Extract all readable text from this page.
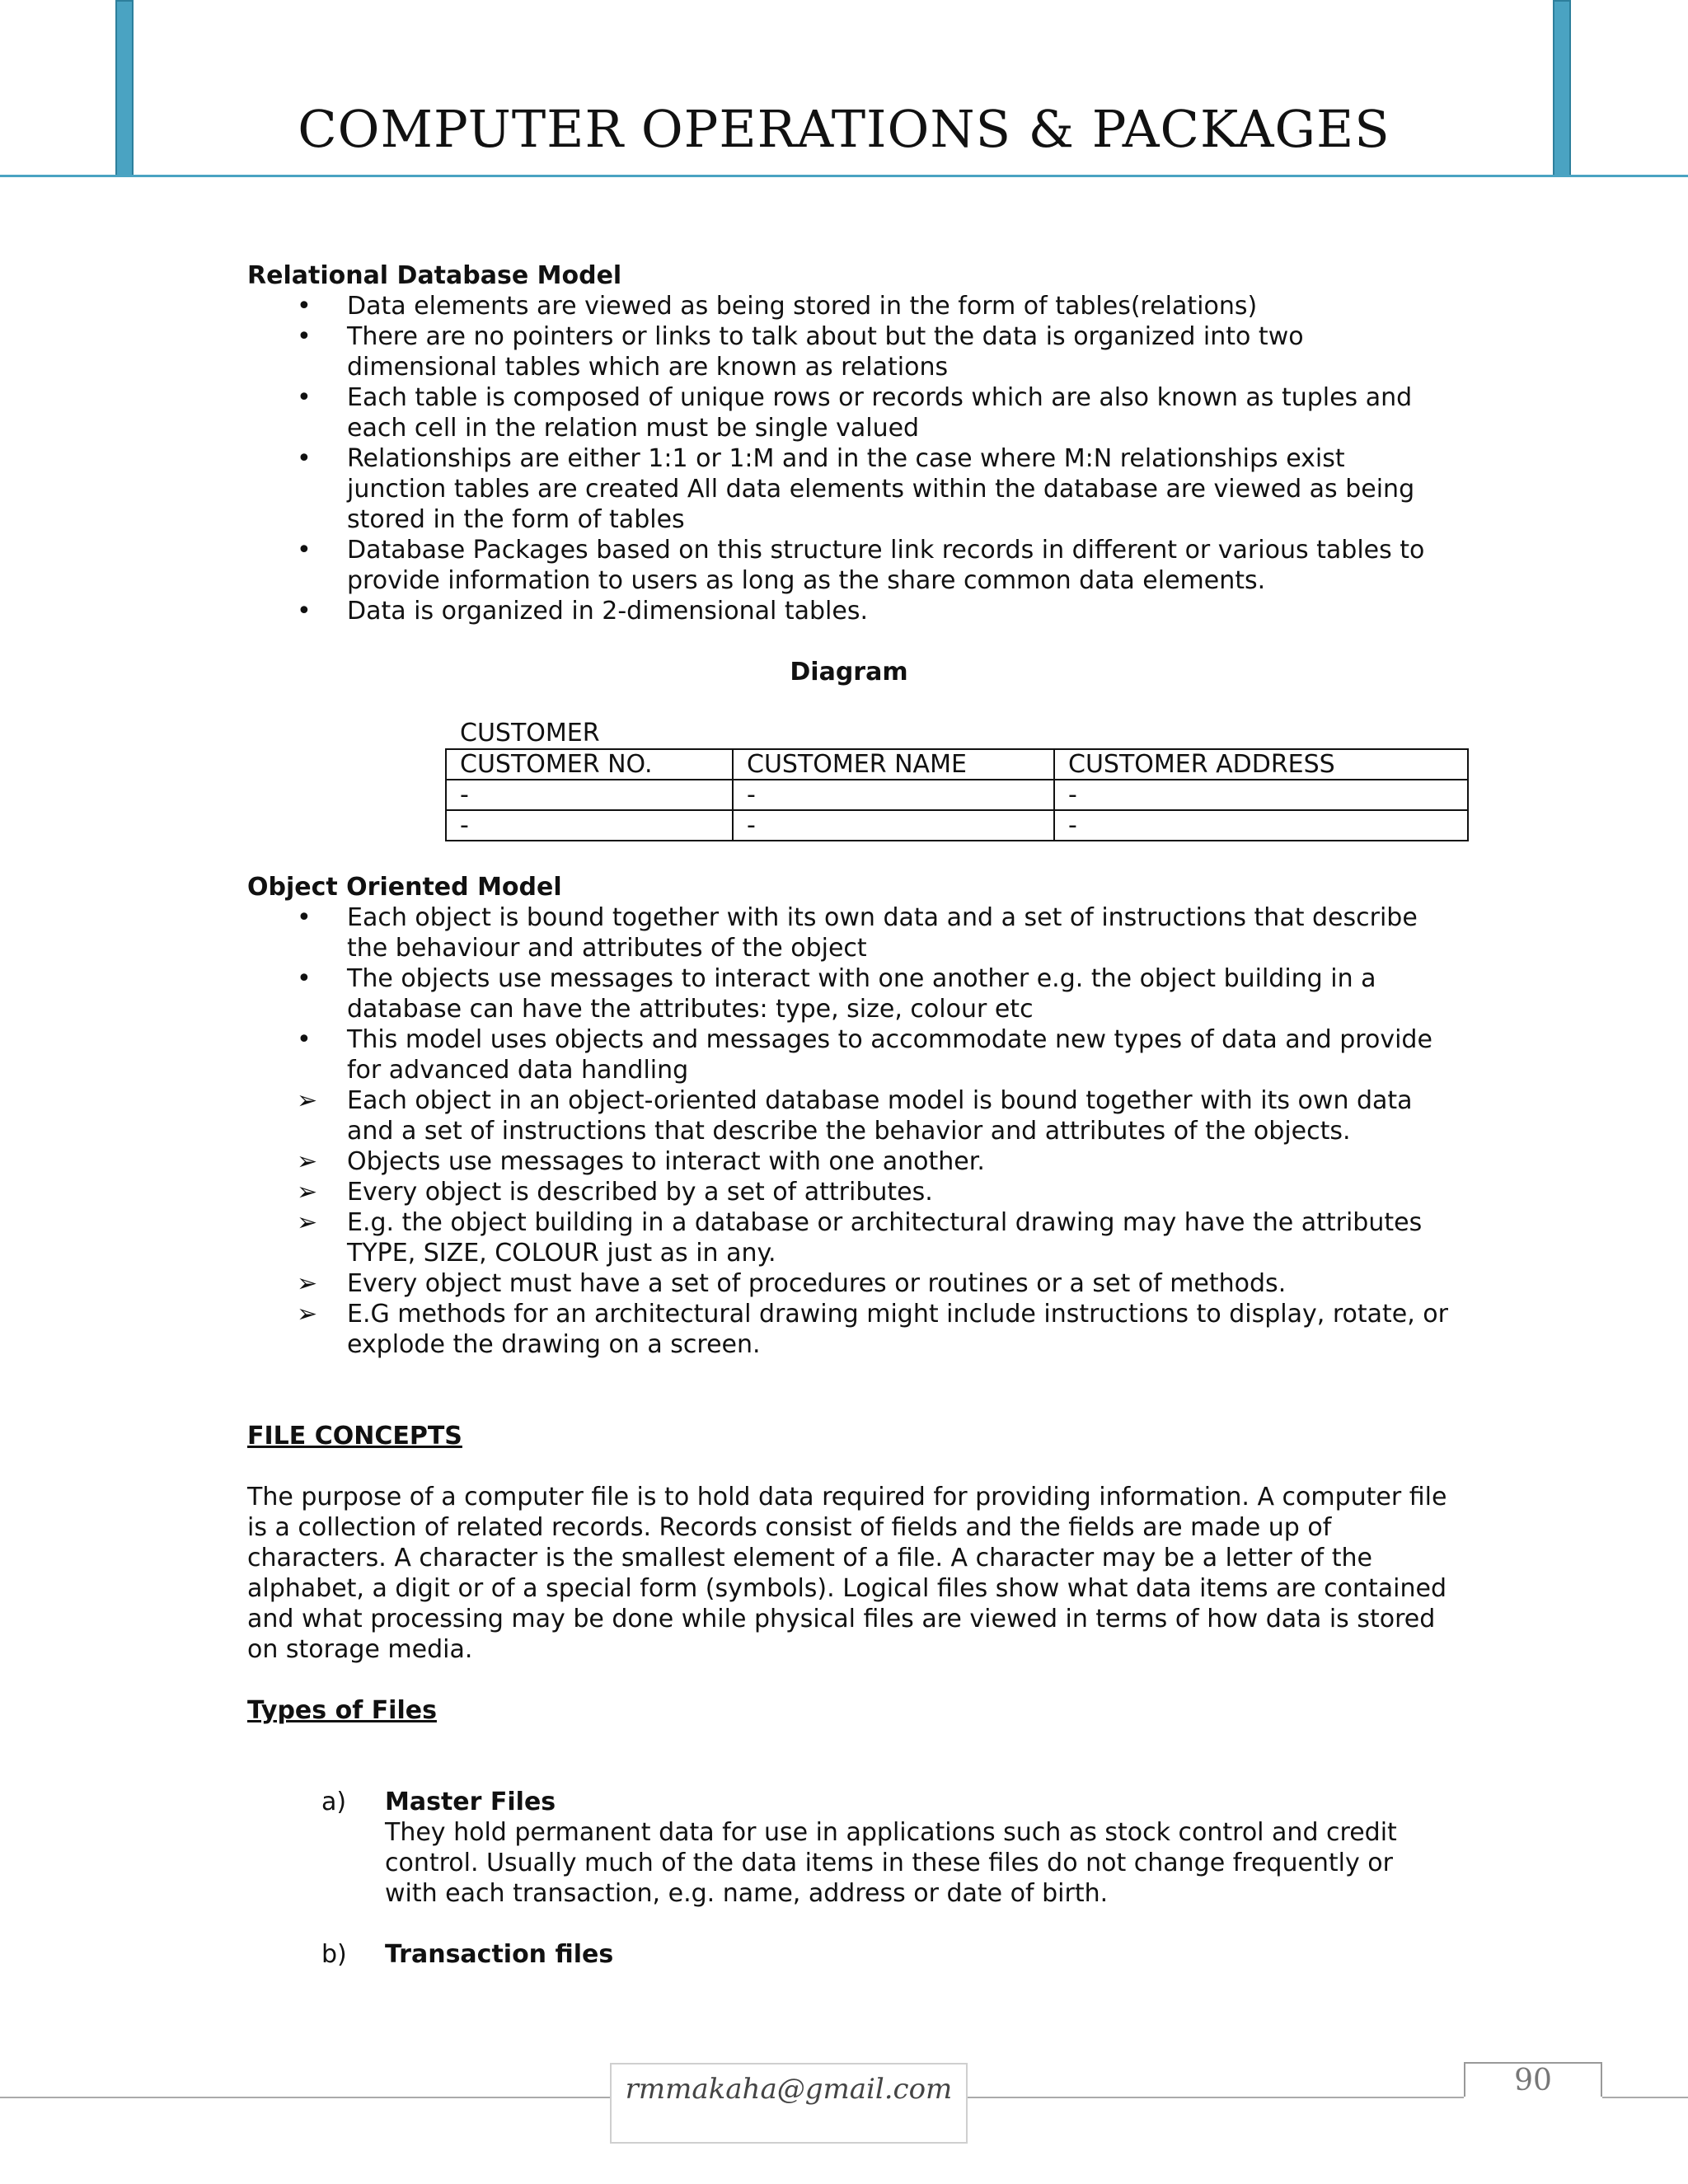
COMPUTER OPERATIONS & PACKAGES

Relational Database Model

•	Data elements are viewed as being stored in the form of tables(relations)
•	There are no pointers or links to talk about but the data is organized into two dimensional tables which are known as relations
•	Each table is composed of unique rows or records which are also known as tuples and each cell in the relation must be single valued
•	Relationships are either 1:1 or 1:M and in the case where M:N relationships exist junction tables are created All data elements within the database are viewed as being stored in the form of tables
•	Database Packages based on this structure link records in different or various tables to provide information to users as long as the share common data elements.
•	Data is organized in 2-dimensional tables.

Diagram

CUSTOMER
CUSTOMER NO.	CUSTOMER NAME	CUSTOMER ADDRESS
-	-	-
-	-	-

Object Oriented Model

•	Each object is bound together with its own data and a set of instructions that describe the behaviour and attributes of the object
•	The objects use messages to interact with one another e.g. the object building in a database can have the attributes: type, size, colour etc
•	This model uses objects and messages to accommodate new types of data and provide for advanced data handling
➢	Each object in an object-oriented database model is bound together with its own data and a set of instructions that describe the behavior and attributes of the objects.
➢	Objects use messages to interact with one another.
➢	Every object is described by a set of attributes.
➢	E.g. the object building in a database or architectural drawing may have the attributes TYPE, SIZE, COLOUR just as in any.
➢	Every object must have a set of procedures or routines or a set of methods.
➢	E.G methods for an architectural drawing might include instructions to display, rotate, or explode the drawing on a screen.

FILE CONCEPTS

The purpose of a computer file is to hold data required for providing information. A computer file is a collection of related records. Records consist of fields and the fields are made up of characters. A character is the smallest element of a file. A character may be a letter of the alphabet, a digit or of a special form (symbols). Logical files show what data items are contained and what processing may be done while physical files are viewed in terms of how data is stored on storage media.

Types of Files

a) Master Files
They hold permanent data for use in applications such as stock control and credit control. Usually much of the data items in these files do not change frequently or with each transaction, e.g. name, address or date of birth.
b) Transaction files
rmmakaha@gmail.com	90
